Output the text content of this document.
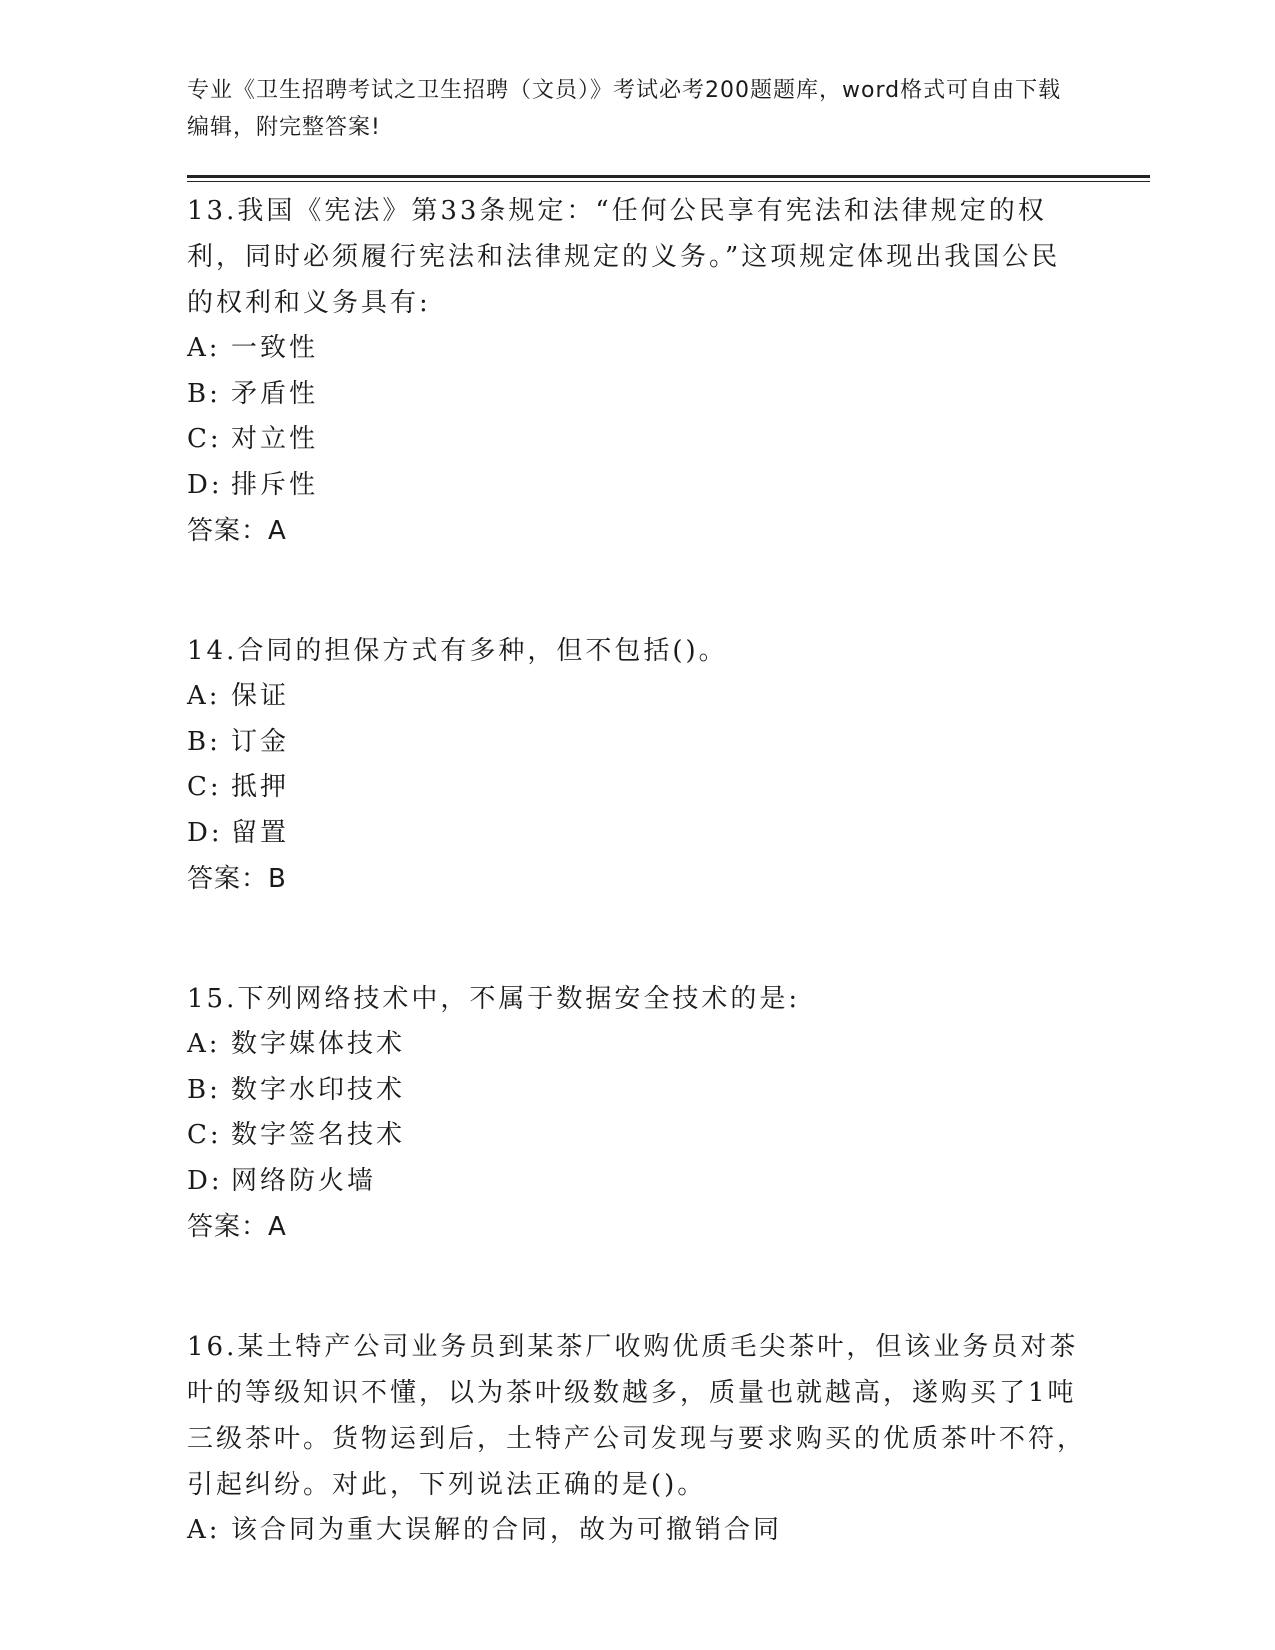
专业《卫生招聘考试之卫生招聘（文员）》考试必考200题题库，word格式可自由下载编辑，附完整答案!
13.我国《宪法》第33条规定：“任何公民享有宪法和法律规定的权利，同时必须履行宪法和法律规定的义务。”这项规定体现出我国公民的权利和义务具有:
A: 一致性
B: 矛盾性
C: 对立性
D: 排斥性
答案：A
14.合同的担保方式有多种，但不包括()。
A: 保证
B: 订金
C: 抵押
D: 留置
答案：B
15.下列网络技术中，不属于数据安全技术的是:
A: 数字媒体技术
B: 数字水印技术
C: 数字签名技术
D: 网络防火墙
答案：A
16.某土特产公司业务员到某茶厂收购优质毛尖茶叶，但该业务员对茶叶的等级知识不懂，以为茶叶级数越多，质量也就越高，遂购买了1吨三级茶叶。货物运到后，土特产公司发现与要求购买的优质茶叶不符，引起纠纷。对此，下列说法正确的是()。
A: 该合同为重大误解的合同，故为可撤销合同
